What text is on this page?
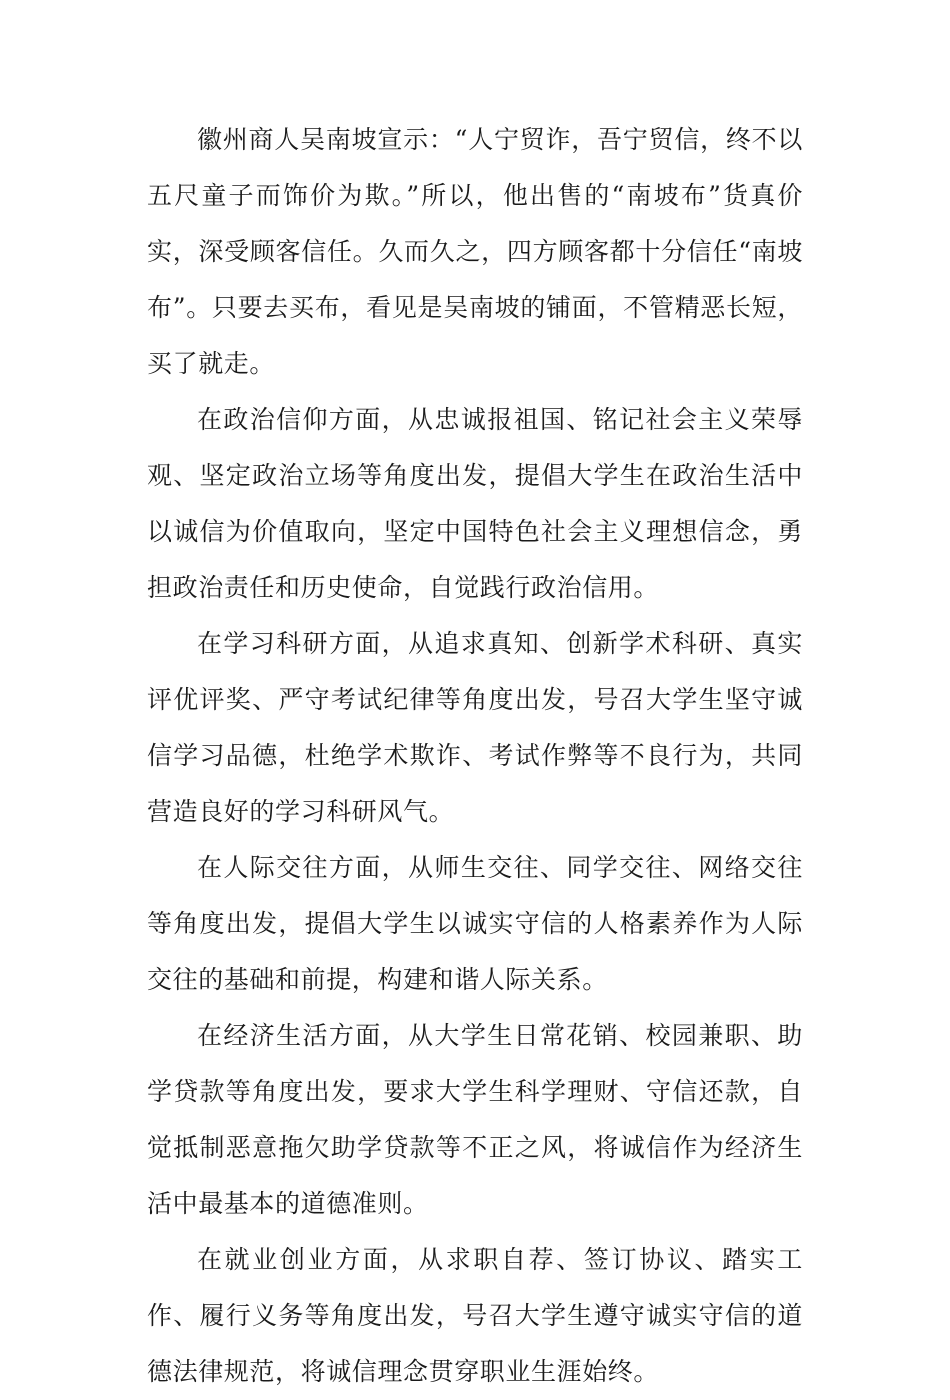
徽州商人吴南坡宣示：“人宁贸诈，吾宁贸信，终不以五尺童子而饰价为欺。”所以，他出售的“南坡布”货真价实，深受顾客信任。久而久之，四方顾客都十分信任“南坡布”。只要去买布，看见是吴南坡的铺面，不管精恶长短，买了就走。

在政治信仰方面，从忠诚报祖国、铭记社会主义荣辱观、坚定政治立场等角度出发，提倡大学生在政治生活中以诚信为价值取向，坚定中国特色社会主义理想信念，勇担政治责任和历史使命，自觉践行政治信用。

在学习科研方面，从追求真知、创新学术科研、真实评优评奖、严守考试纪律等角度出发，号召大学生坚守诚信学习品德，杜绝学术欺诈、考试作弊等不良行为，共同营造良好的学习科研风气。

在人际交往方面，从师生交往、同学交往、网络交往等角度出发，提倡大学生以诚实守信的人格素养作为人际交往的基础和前提，构建和谐人际关系。

在经济生活方面，从大学生日常花销、校园兼职、助学贷款等角度出发，要求大学生科学理财、守信还款，自觉抵制恶意拖欠助学贷款等不正之风，将诚信作为经济生活中最基本的道德准则。

在就业创业方面，从求职自荐、签订协议、踏实工作、履行义务等角度出发，号召大学生遵守诚实守信的道德法律规范，将诚信理念贯穿职业生涯始终。
